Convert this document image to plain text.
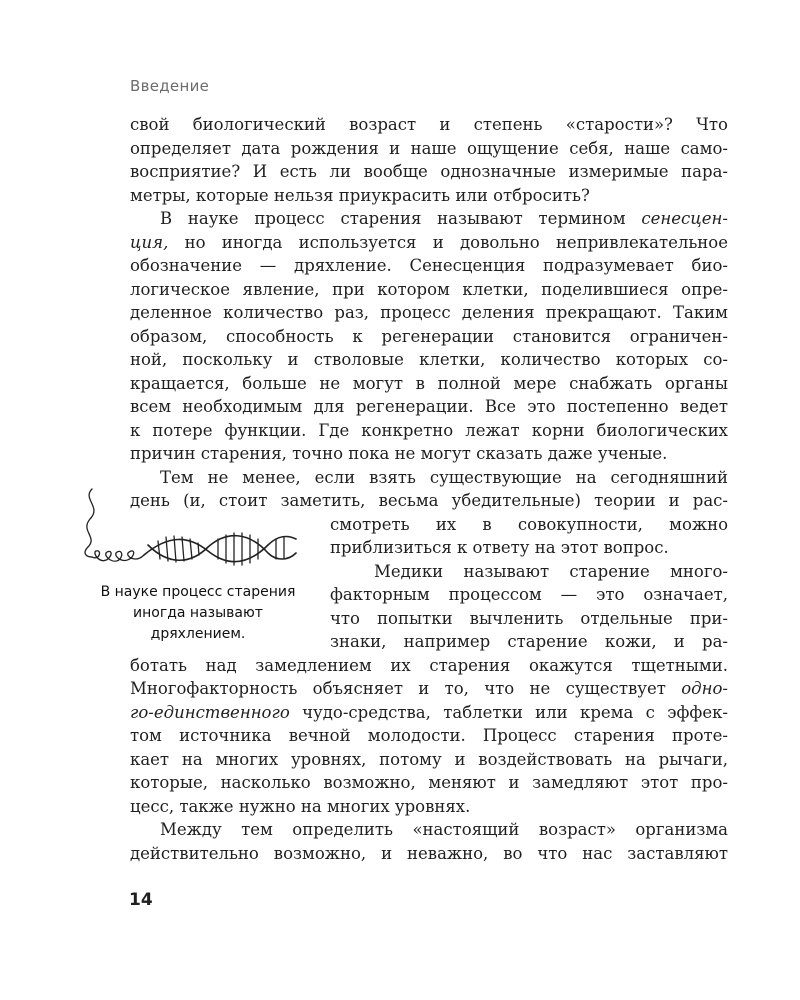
Введение

свой биологический возраст и степень «старости»? Что

определяет дата рождения и наше ощущение себя, наше само-

восприятие? И есть ли вообще однозначные измеримые пара-

метры, которые нельзя приукрасить или отбросить?

В науке процесс старения называют термином сенесцен-

ция, но иногда используется и довольно непривлекательное

обозначение — дряхление. Сенесценция подразумевает био-

логическое явление, при котором клетки, поделившиеся опре-

деленное количество раз, процесс деления прекращают. Таким

образом, способность к регенерации становится ограничен-

ной, поскольку и стволовые клетки, количество которых со-

кращается, больше не могут в полной мере снабжать органы

всем необходимым для регенерации. Все это постепенно ведет

к потере функции. Где конкретно лежат корни биологических

причин старения, точно пока не могут сказать даже ученые.

Тем не менее, если взять существующие на сегодняшний

день (и, стоит заметить, весьма убедительные) теории и рас-

смотреть их в совокупности, можно

приблизиться к ответу на этот вопрос.

Медики называют старение много-

факторным процессом — это означает,

что попытки вычленить отдельные при-

знаки, например старение кожи, и ра-

ботать над замедлением их старения окажутся тщетными.

Многофакторность объясняет и то, что не существует одно-

го-единственного чудо-средства, таблетки или крема с эффек-

том источника вечной молодости. Процесс старения проте-

кает на многих уровнях, потому и воздействовать на рычаги,

которые, насколько возможно, меняют и замедляют этот про-

цесс, также нужно на многих уровнях.

Между тем определить «настоящий возраст» организма

действительно возможно, и неважно, во что нас заставляют

В науке процесс старения
иногда называют
дряхлением.
14
